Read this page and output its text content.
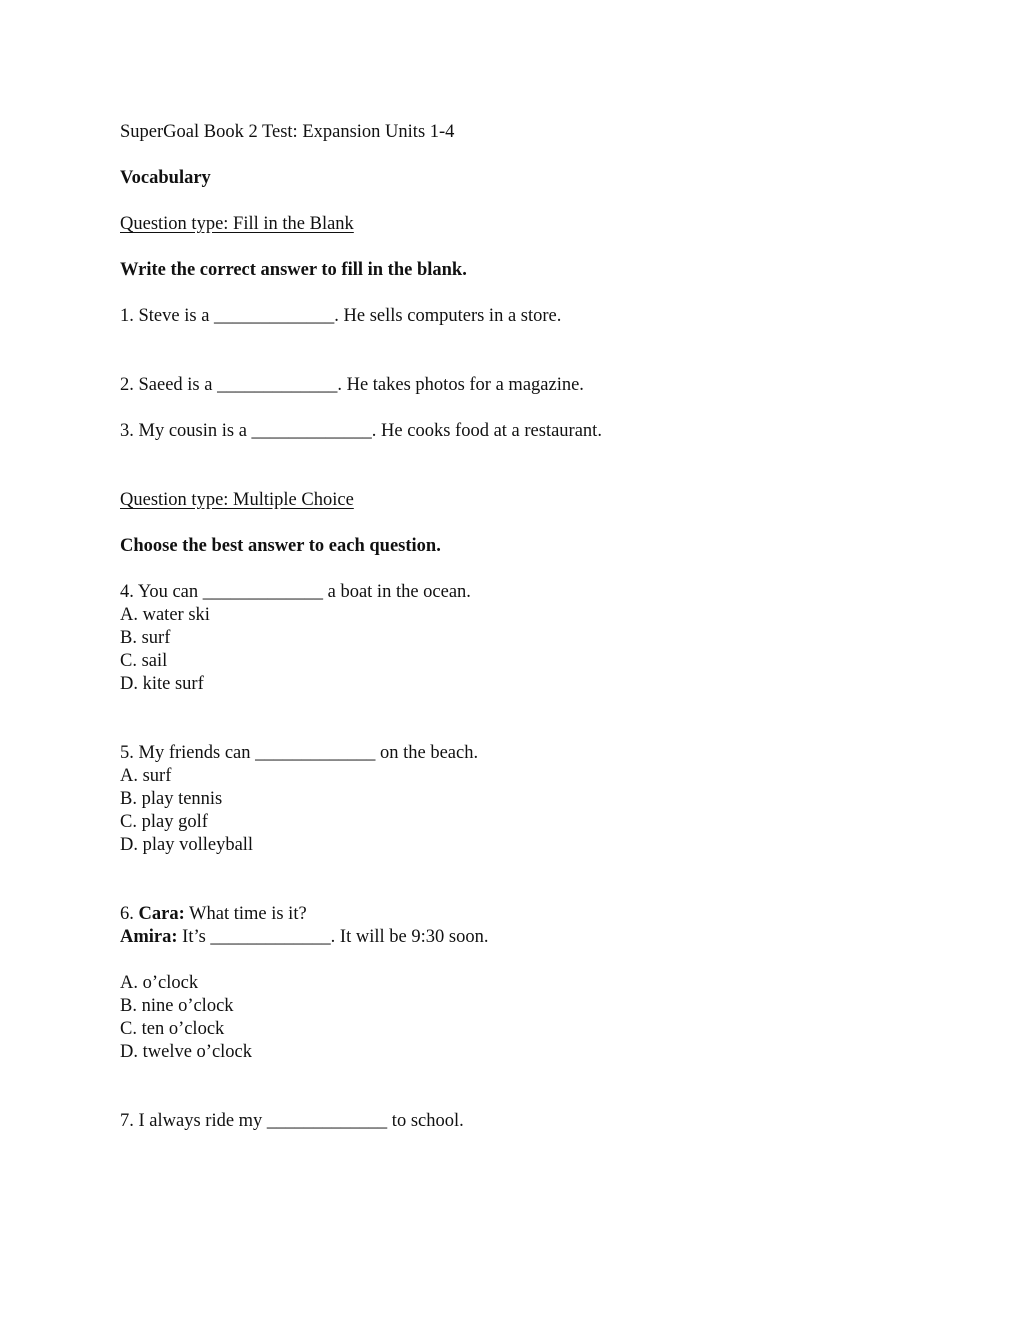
SuperGoal Book 2 Test: Expansion Units 1-4
Vocabulary
Question type: Fill in the Blank
Write the correct answer to fill in the blank.
1. Steve is a _____________. He sells computers in a store.
2. Saeed is a _____________. He takes photos for a magazine.
3. My cousin is a _____________. He cooks food at a restaurant.
Question type: Multiple Choice
Choose the best answer to each question.
4. You can _____________ a boat in the ocean.
A. water ski
B. surf
C. sail
D. kite surf
5. My friends can _____________ on the beach.
A. surf
B. play tennis
C. play golf
D. play volleyball
6. Cara: What time is it?
Amira: It’s _____________. It will be 9:30 soon.
A. o’clock
B. nine o’clock
C. ten o’clock
D. twelve o’clock
7. I always ride my _____________ to school.
